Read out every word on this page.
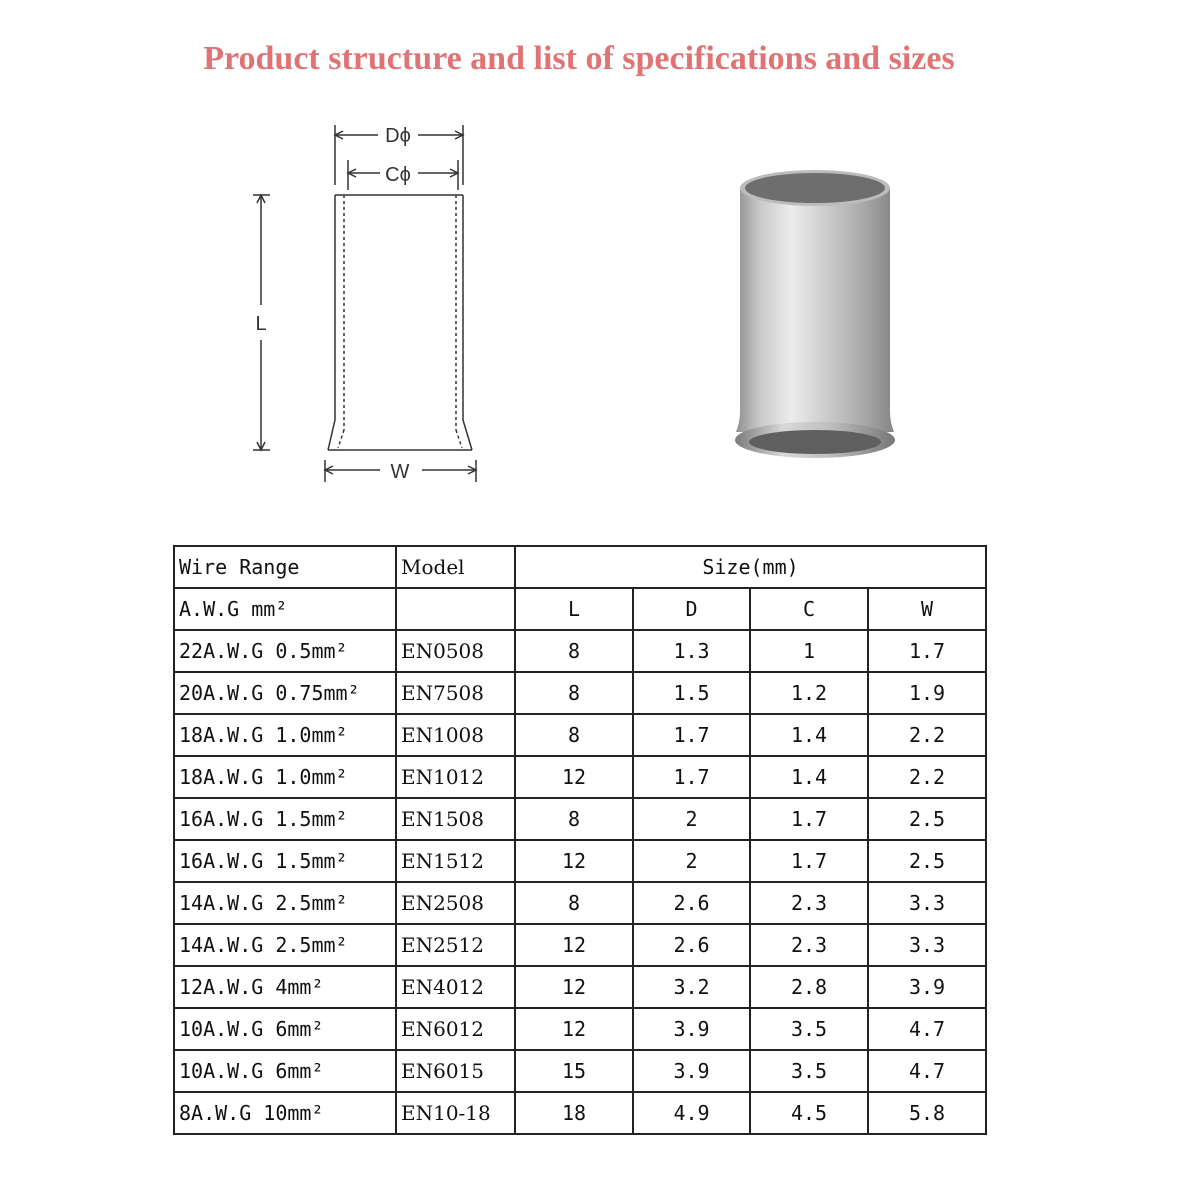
Product structure and list of specifications and sizes
Dϕ
Cϕ
L
W
Wire Range	Model	Size(mm)			
A.W.G mm²		L	D	C	W
22A.W.G 0.5mm²	EN0508	8	1.3	1	1.7
20A.W.G 0.75mm²	EN7508	8	1.5	1.2	1.9
18A.W.G 1.0mm²	EN1008	8	1.7	1.4	2.2
18A.W.G 1.0mm²	EN1012	12	1.7	1.4	2.2
16A.W.G 1.5mm²	EN1508	8	2	1.7	2.5
16A.W.G 1.5mm²	EN1512	12	2	1.7	2.5
14A.W.G 2.5mm²	EN2508	8	2.6	2.3	3.3
14A.W.G 2.5mm²	EN2512	12	2.6	2.3	3.3
12A.W.G 4mm²	EN4012	12	3.2	2.8	3.9
10A.W.G 6mm²	EN6012	12	3.9	3.5	4.7
10A.W.G 6mm²	EN6015	15	3.9	3.5	4.7
8A.W.G 10mm²	EN10-18	18	4.9	4.5	5.8
